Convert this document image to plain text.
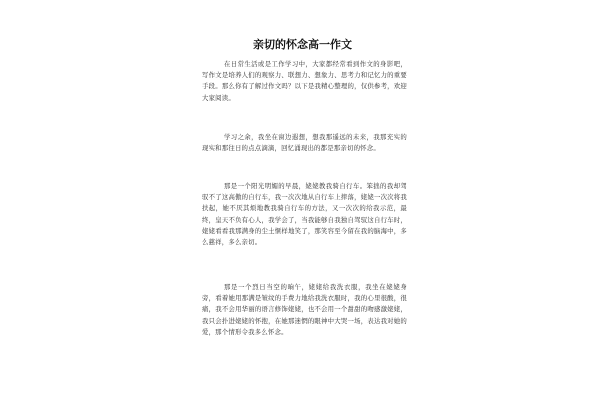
亲切的怀念高一作文

在日常生活或是工作学习中，大家都经常看到作文的身影吧，写作文是培养人们的观察力、联想力、想象力、思考力和记忆力的重要手段。那么你有了解过作文吗？以下是我精心整理的，仅供参考，欢迎大家阅读。

学习之余，我坐在窗边遐想，想我那遥远的未来，我那充实的现实和那往日的点点滴滴，回忆涌现出的都是那亲切的怀念。

那是一个阳光明媚的早晨，姥姥教我骑自行车。笨拙的我却驾驭不了这高傲的自行车，我一次次地从自行车上摔落，姥姥一次次将我扶起，她不厌其烦地教我骑自行车的方法，又一次次的给我示范，最终，皇天不负有心人，我学会了，当我能够自我独自驾驭这自行车时，姥姥看看我那满身的尘土惬样地笑了，那笑容至今留在我的脑海中，多么慈祥，多么亲切。

那是一个烈日当空的晌午，姥姥给我洗衣服，我坐在姥姥身旁，看着她用那满是皱纹的手费力地给我洗衣服时，我的心里很酸，很痛，我不会用华丽的语言修饰姥姥，也不会用一个甜甜的吻感激姥姥，我只会扑进姥姥的怀抱，在她那迷惘的眼神中大哭一场，表达我对她的爱，那个情形令我多么怀念。
